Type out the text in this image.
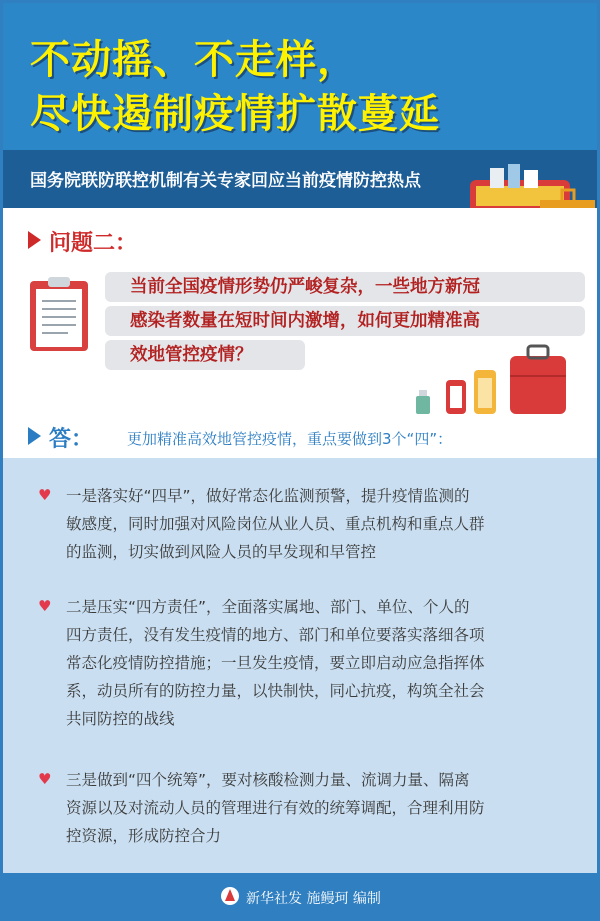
不动摇、不走样，
尽快遏制疫情扩散蔓延
国务院联防联控机制有关专家回应当前疫情防控热点
问题二：
当前全国疫情形势仍严峻复杂，一些地方新冠
感染者数量在短时间内激增，如何更加精准高
效地管控疫情？
答： 更加精准高效地管控疫情，重点要做到3个“四”：
♥ 一是落实好“四早”，做好常态化监测预警，提升疫情监测的
敏感度，同时加强对风险岗位从业人员、重点机构和重点人群
的监测，切实做到风险人员的早发现和早管控
♥ 二是压实“四方责任”，全面落实属地、部门、单位、个人的
四方责任，没有发生疫情的地方、部门和单位要落实落细各项
常态化疫情防控措施；一旦发生疫情，要立即启动应急指挥体
系，动员所有的防控力量，以快制快，同心抗疫，构筑全社会
共同防控的战线
♥ 三是做到“四个统筹”，要对核酸检测力量、流调力量、隔离
资源以及对流动人员的管理进行有效的统筹调配，合理利用防
控资源，形成防控合力
新华社发 施鳗珂 编制
